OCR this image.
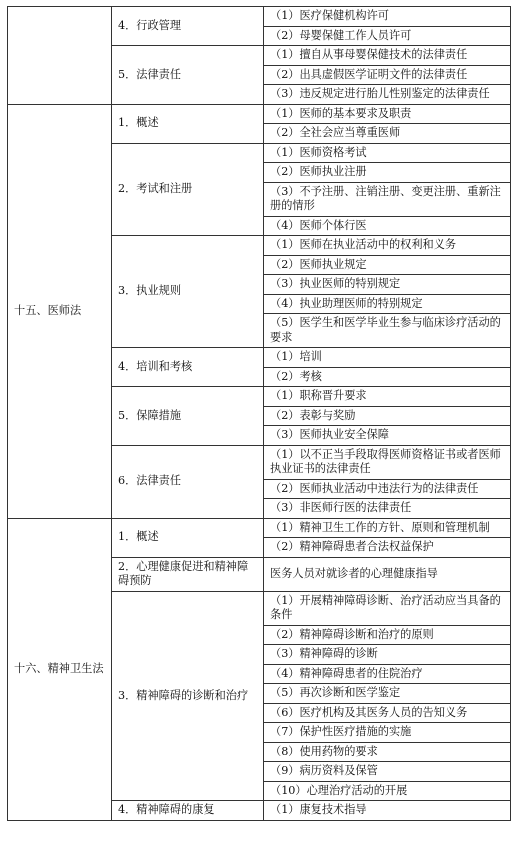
	4．行政管理	（1）医疗保健机构许可
		（2）母婴保健工作人员许可
	5．法律责任	（1）擅自从事母婴保健技术的法律责任
		（2）出具虚假医学证明文件的法律责任
		（3）违反规定进行胎儿性别鉴定的法律责任
十五、医师法	1．概述	（1）医师的基本要求及职责
		（2）全社会应当尊重医师
	2．考试和注册	（1）医师资格考试
		（2）医师执业注册
		（3）不予注册、注销注册、变更注册、重新注册的情形
		（4）医师个体行医
	3．执业规则	（1）医师在执业活动中的权利和义务
		（2）医师执业规定
		（3）执业医师的特别规定
		（4）执业助理医师的特别规定
		（5）医学生和医学毕业生参与临床诊疗活动的要求
	4．培训和考核	（1）培训
		（2）考核
	5．保障措施	（1）职称晋升要求
		（2）表彰与奖励
		（3）医师执业安全保障
	6．法律责任	（1）以不正当手段取得医师资格证书或者医师执业证书的法律责任
		（2）医师执业活动中违法行为的法律责任
		（3）非医师行医的法律责任
十六、精神卫生法	1．概述	（1）精神卫生工作的方针、原则和管理机制
		（2）精神障碍患者合法权益保护
	2．心理健康促进和精神障碍预防	医务人员对就诊者的心理健康指导
	3．精神障碍的诊断和治疗	（1）开展精神障碍诊断、治疗活动应当具备的条件
		（2）精神障碍诊断和治疗的原则
		（3）精神障碍的诊断
		（4）精神障碍患者的住院治疗
		（5）再次诊断和医学鉴定
		（6）医疗机构及其医务人员的告知义务
		（7）保护性医疗措施的实施
		（8）使用药物的要求
		（9）病历资料及保管
		（10）心理治疗活动的开展
	4．精神障碍的康复	（1）康复技术指导
